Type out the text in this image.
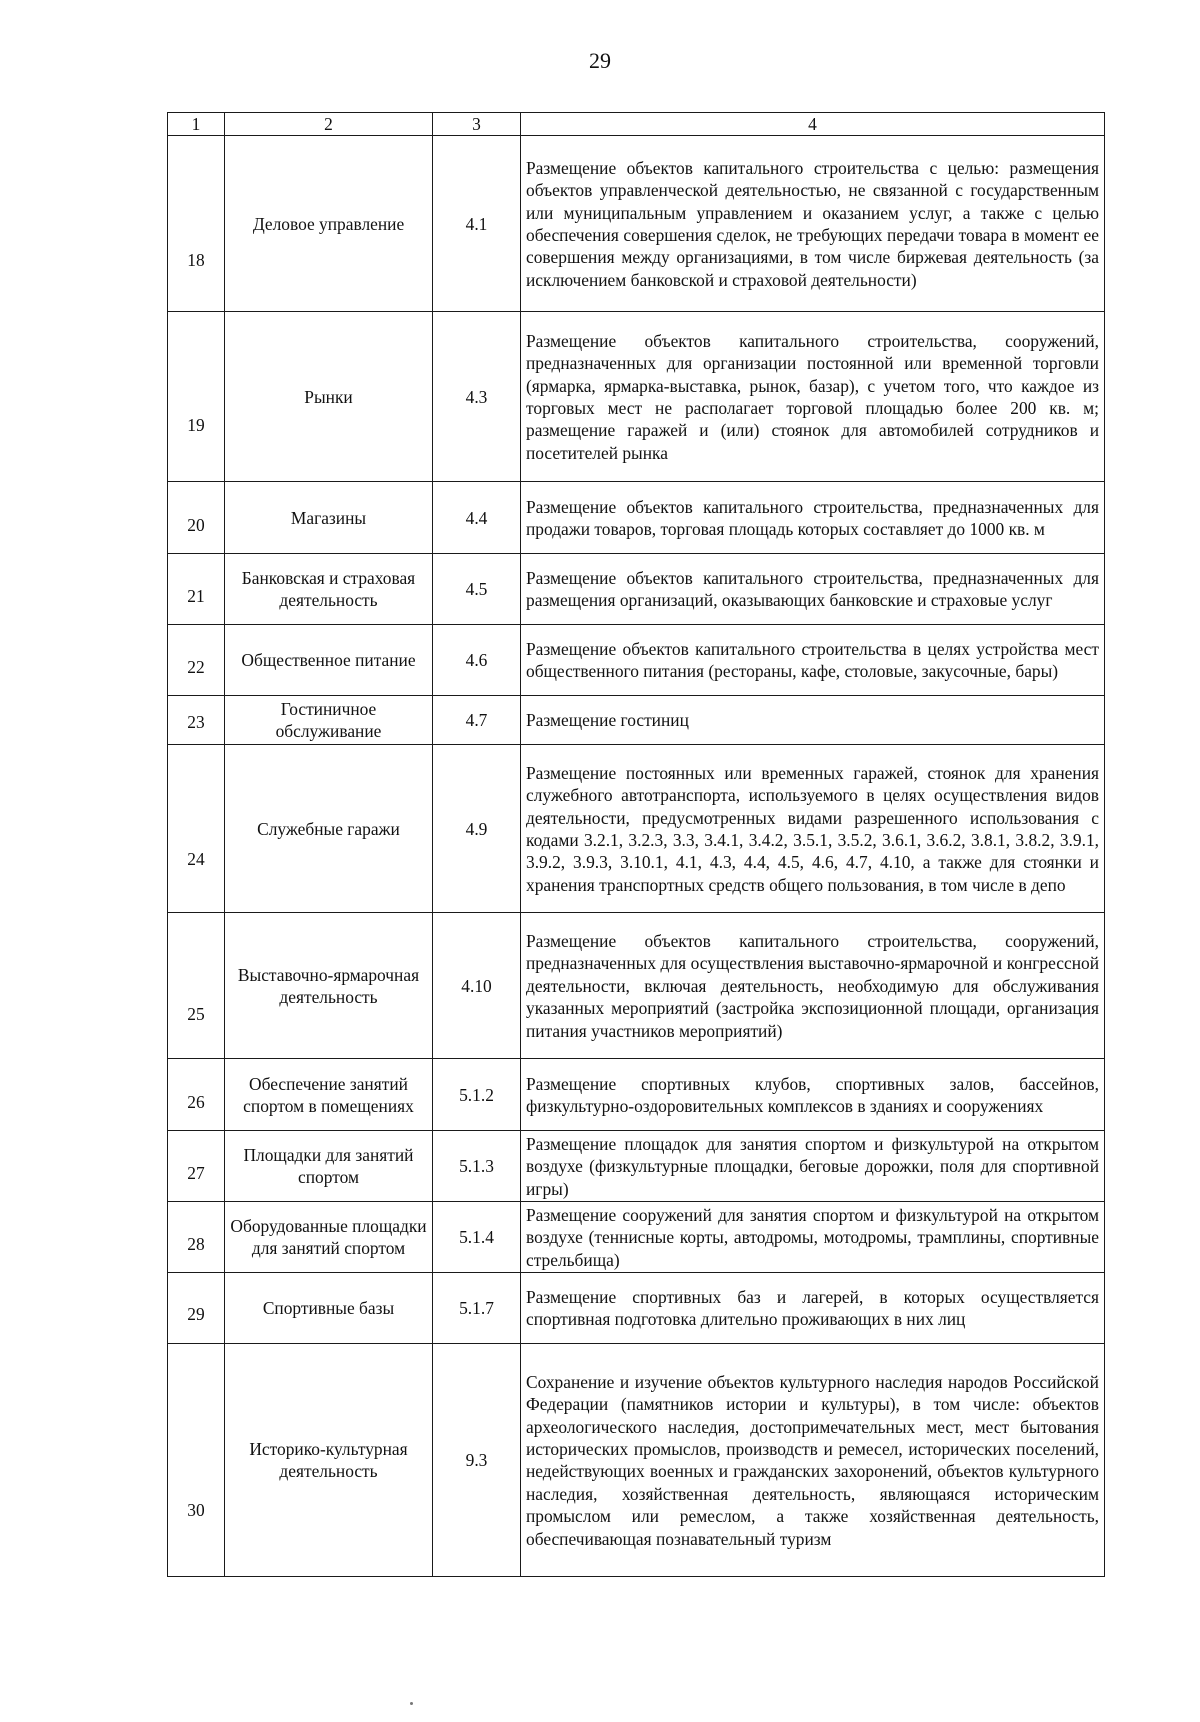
29
1	2	3	4

18	Деловое управление	4.1	Размещение объектов капитального строительства с целью: размещения объектов управленческой деятельностью, не связанной с государственным или муниципальным управлением и оказанием услуг, а также с целью обеспечения совершения сделок, не требующих передачи товара в момент ее совершения между организациями, в том числе биржевая деятельность (за исключением банковской и страховой деятельности)

19	Рынки	4.3	Размещение объектов капитального строительства, сооружений, предназначенных для организации постоянной или временной торговли (ярмарка, ярмарка-выставка, рынок, базар), с учетом того, что каждое из торговых мест не располагает торговой площадью более 200 кв. м; размещение гаражей и (или) стоянок для автомобилей сотрудников и посетителей рынка

20	Магазины	4.4	Размещение объектов капитального строительства, предназначенных для продажи товаров, торговая площадь которых составляет до 1000 кв. м

21	Банковская и страховая деятельность	4.5	Размещение объектов капитального строительства, предназначенных для размещения организаций, оказывающих банковские и страховые услуг

22	Общественное питание	4.6	Размещение объектов капитального строительства в целях устройства мест общественного питания (рестораны, кафе, столовые, закусочные, бары)

23	Гостиничное обслуживание	4.7	Размещение гостиниц

24	Служебные гаражи	4.9	Размещение постоянных или временных гаражей, стоянок для хранения служебного автотранспорта, используемого в целях осуществления видов деятельности, предусмотренных видами разрешенного использования с кодами 3.2.1, 3.2.3, 3.3, 3.4.1, 3.4.2, 3.5.1, 3.5.2, 3.6.1, 3.6.2, 3.8.1, 3.8.2, 3.9.1, 3.9.2, 3.9.3, 3.10.1, 4.1, 4.3, 4.4, 4.5, 4.6, 4.7, 4.10, а также для стоянки и хранения транспортных средств общего пользования, в том числе в депо

25	Выставочно-ярмарочная деятельность	4.10	Размещение объектов капитального строительства, сооружений, предназначенных для осуществления выставочно-ярмарочной и конгрессной деятельности, включая деятельность, необходимую для обслуживания указанных мероприятий (застройка экспозиционной площади, организация питания участников мероприятий)

26	Обеспечение занятий спортом в помещениях	5.1.2	Размещение спортивных клубов, спортивных залов, бассейнов, физкультурно-оздоровительных комплексов в зданиях и сооружениях

27	Площадки для занятий спортом	5.1.3	Размещение площадок для занятия спортом и физкультурой на открытом воздухе (физкультурные площадки, беговые дорожки, поля для спортивной игры)

28	Оборудованные площадки для занятий спортом	5.1.4	Размещение сооружений для занятия спортом и физкультурой на открытом воздухе (теннисные корты, автодромы, мотодромы, трамплины, спортивные стрельбища)

29	Спортивные базы	5.1.7	Размещение спортивных баз и лагерей, в которых осуществляется спортивная подготовка длительно проживающих в них лиц

30	Историко-культурная деятельность	9.3	Сохранение и изучение объектов культурного наследия народов Российской Федерации (памятников истории и культуры), в том числе: объектов археологического наследия, достопримечательных мест, мест бытования исторических промыслов, производств и ремесел, исторических поселений, недействующих военных и гражданских захоронений, объектов культурного наследия, хозяйственная деятельность, являющаяся историческим промыслом или ремеслом, а также хозяйственная деятельность, обеспечивающая познавательный туризм
